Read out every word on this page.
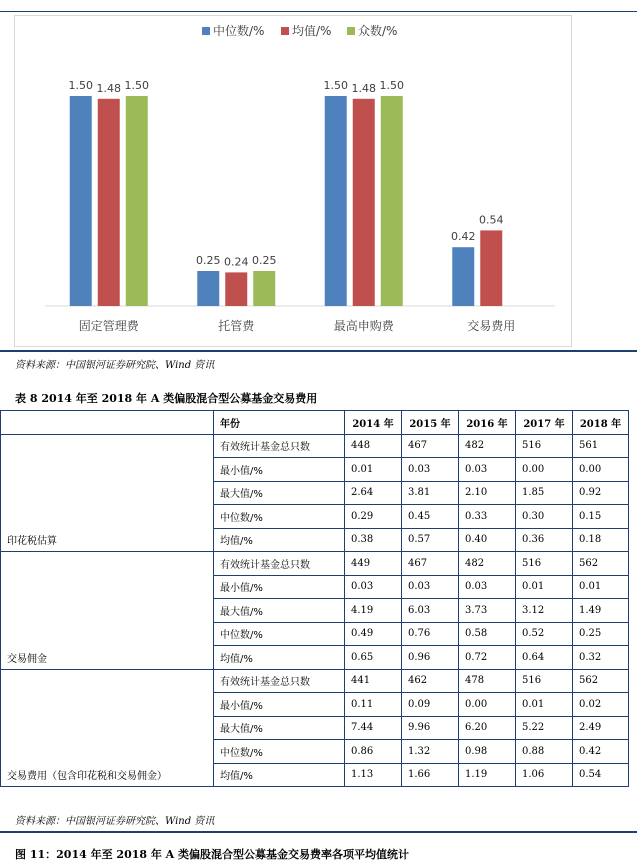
1.50 1.48 1.50
固定管理费
0.25 0.24 0.25
托管费
1.50 1.48 1.50
最高申购费
0.42
0.54
交易费用
中位数/% 均值/% 众数/%
资料来源：中国银河证券研究院、Wind 资讯
表 8 2014 年至 2018 年 A 类偏股混合型公募基金交易费用
	年份	2014 年	2015 年	2016 年	2017 年	2018 年
印花税估算	有效统计基金总只数	448	467	482	516	561
	最小值/%	0.01	0.03	0.03	0.00	0.00
	最大值/%	2.64	3.81	2.10	1.85	0.92
	中位数/%	0.29	0.45	0.33	0.30	0.15
	均值/%	0.38	0.57	0.40	0.36	0.18
交易佣金	有效统计基金总只数	449	467	482	516	562
	最小值/%	0.03	0.03	0.03	0.01	0.01
	最大值/%	4.19	6.03	3.73	3.12	1.49
	中位数/%	0.49	0.76	0.58	0.52	0.25
	均值/%	0.65	0.96	0.72	0.64	0.32
交易费用（包含印花税和交易佣金）	有效统计基金总只数	441	462	478	516	562
	最小值/%	0.11	0.09	0.00	0.01	0.02
	最大值/%	7.44	9.96	6.20	5.22	2.49
	中位数/%	0.86	1.32	0.98	0.88	0.42
	均值/%	1.13	1.66	1.19	1.06	0.54
资料来源：中国银河证券研究院、Wind 资讯
图 11：2014 年至 2018 年 A 类偏股混合型公募基金交易费率各项平均值统计
